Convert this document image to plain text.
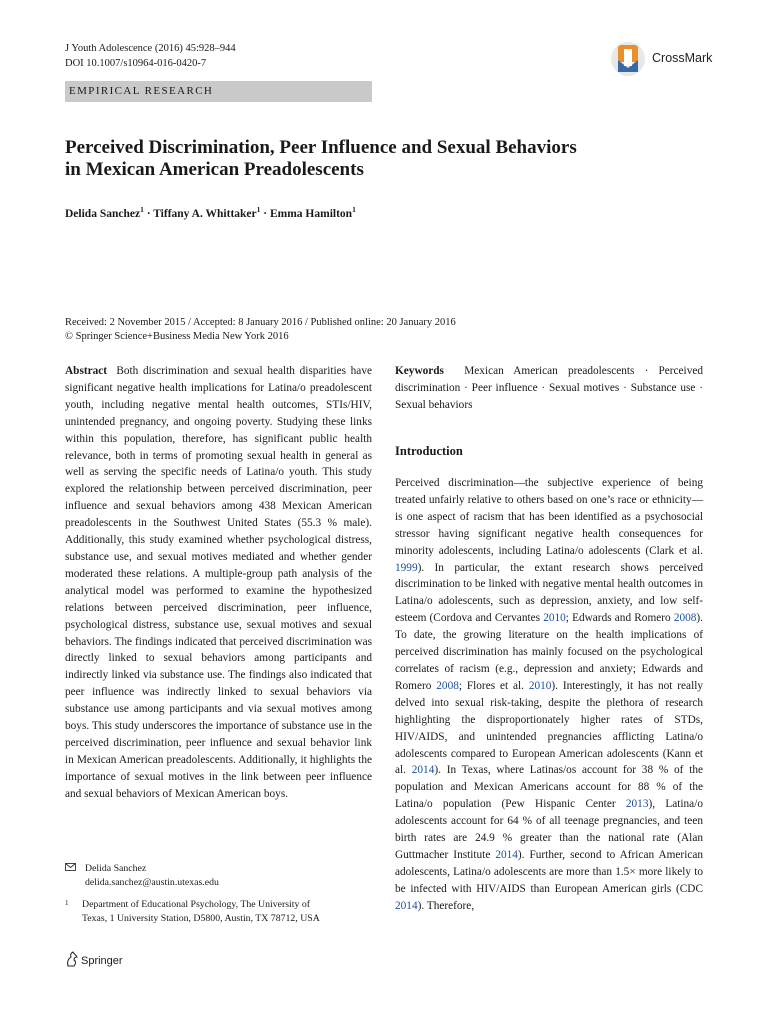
J Youth Adolescence (2016) 45:928–944
DOI 10.1007/s10964-016-0420-7	CrossMark
EMPIRICAL RESEARCH
Perceived Discrimination, Peer Influence and Sexual Behaviors
in Mexican American Preadolescents
Delida Sanchez$^1$ · Tiffany A. Whittaker$^1$ · Emma Hamilton$^1$
Received: 2 November 2015 / Accepted: 8 January 2016 / Published online: 20 January 2016
© Springer Science+Business Media New York 2016
Abstract Both discrimination and sexual health disparities have significant negative health implications for Latina/o preadolescent youth, including negative mental health outcomes, STIs/HIV, unintended pregnancy, and ongoing poverty. Studying these links within this population, therefore, has significant public health relevance, both in terms of promoting sexual health in general as well as serving the specific needs of Latina/o youth. This study explored the relationship between perceived discrimination, peer influence and sexual behaviors among 438 Mexican American preadolescents in the Southwest United States (55.3 % male). Additionally, this study examined whether psychological distress, substance use, and sexual motives mediated and whether gender moderated these relations. A multiple-group path analysis of the analytical model was performed to examine the hypothesized relations between perceived discrimination, peer influence, psychological distress, substance use, sexual motives and sexual behaviors. The findings indicated that perceived discrimination was directly linked to sexual behaviors among participants and indirectly linked via substance use. The findings also indicated that peer influence was indirectly linked to sexual behaviors via substance use among participants and via sexual motives among boys. This study underscores the importance of substance use in the perceived discrimination, peer influence and sexual behavior link in Mexican American preadolescents. Additionally, it highlights the importance of sexual motives in the link between peer influence and sexual behaviors of Mexican American boys.
Keywords Mexican American preadolescents · Perceived discrimination · Peer influence · Sexual motives · Substance use · Sexual behaviors
Introduction
Perceived discrimination—the subjective experience of being treated unfairly relative to others based on one’s race or ethnicity—is one aspect of racism that has been identified as a psychosocial stressor having significant negative health consequences for minority adolescents, including Latina/o adolescents (Clark et al. 1999). In particular, the extant research shows perceived discrimination to be linked with negative mental health outcomes in Latina/o adolescents, such as depression, anxiety, and low self-esteem (Cordova and Cervantes 2010; Edwards and Romero 2008). To date, the growing literature on the health implications of perceived discrimination has mainly focused on the psychological correlates of racism (e.g., depression and anxiety; Edwards and Romero 2008; Flores et al. 2010). Interestingly, it has not really delved into sexual risk-taking, despite the plethora of research highlighting the disproportionately higher rates of STDs, HIV/AIDS, and unintended pregnancies afflicting Latina/o adolescents compared to European American adolescents (Kann et al. 2014). In Texas, where Latinas/os account for 38 % of the population and Mexican Americans account for 88 % of the Latina/o population (Pew Hispanic Center 2013), Latina/o adolescents account for 64 % of all teenage pregnancies, and teen birth rates are 24.9 % greater than the national rate (Alan Guttmacher Institute 2014). Further, second to African American adolescents, Latina/o adolescents are more than 1.5× more likely to be infected with HIV/AIDS than European American girls (CDC 2014). Therefore,
Delida Sanchez
delida.sanchez@austin.utexas.edu
1	Department of Educational Psychology, The University of
Texas, 1 University Station, D5800, Austin, TX 78712, USA
Springer
